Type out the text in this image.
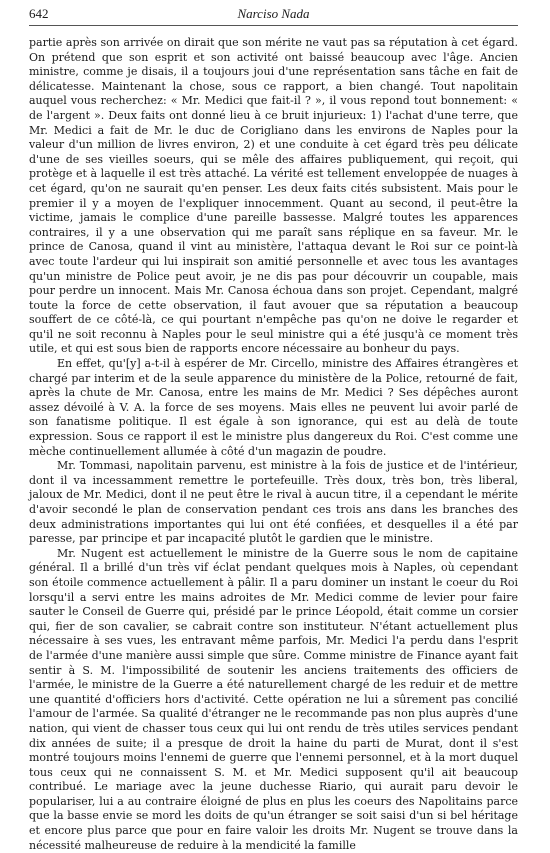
642	Narciso Nada

partie après son arrivée on dirait que son mérite ne vaut pas sa réputation à cet égard. On prétend que son esprit et son activité ont baissé beaucoup avec l'âge. Ancien ministre, comme je disais, il a toujours joui d'une représentation sans tâche en fait de délicatesse. Maintenant la chose, sous ce rapport, a bien changé. Tout napolitain auquel vous recherchez: « Mr. Medici que fait-il ? », il vous repond tout bonnement: « de l'argent ». Deux faits ont donné lieu à ce bruit injurieux: 1) l'achat d'une terre, que Mr. Medici a fait de Mr. le duc de Corigliano dans les environs de Naples pour la valeur d'un million de livres environ, 2) et une conduite à cet égard très peu délicate d'une de ses vieilles soeurs, qui se mêle des affaires publiquement, qui reçoit, qui protège et à laquelle il est très attaché. La vérité est tellement enveloppée de nuages à cet égard, qu'on ne saurait qu'en penser. Les deux faits cités subsistent. Mais pour le premier il y a moyen de l'expliquer innocemment. Quant au second, il peut-être la victime, jamais le complice d'une pareille bassesse. Malgré toutes les apparences contraires, il y a une observation qui me paraît sans réplique en sa faveur. Mr. le prince de Canosa, quand il vint au ministère, l'attaqua devant le Roi sur ce point-là avec toute l'ardeur qui lui inspirait son amitié personnelle et avec tous les avantages qu'un ministre de Police peut avoir, je ne dis pas pour découvrir un coupable, mais pour perdre un innocent. Mais Mr. Canosa échoua dans son projet. Cependant, malgré toute la force de cette observation, il faut avouer que sa réputation a beaucoup souffert de ce côté-là, ce qui pourtant n'empêche pas qu'on ne doive le regarder et qu'il ne soit reconnu à Naples pour le seul ministre qui a été jusqu'à ce moment très utile, et qui est sous bien de rapports encore nécessaire au bonheur du pays.

En effet, qu'[y] a-t-il à espérer de Mr. Circello, ministre des Affaires étrangères et chargé par interim et de la seule apparence du ministère de la Police, retourné de fait, après la chute de Mr. Canosa, entre les mains de Mr. Medici ? Ses dépêches auront assez dévoilé à V. A. la force de ses moyens. Mais elles ne peuvent lui avoir parlé de son fanatisme politique. Il est égale à son ignorance, qui est au delà de toute expression. Sous ce rapport il est le ministre plus dangereux du Roi. C'est comme une mèche continuellement allumée à côté d'un magazin de poudre.

Mr. Tommasi, napolitain parvenu, est ministre à la fois de justice et de l'intérieur, dont il va incessamment remettre le portefeuille. Très doux, très bon, très liberal, jaloux de Mr. Medici, dont il ne peut être le rival à aucun titre, il a cependant le mérite d'avoir secondé le plan de conservation pendant ces trois ans dans les branches des deux administrations importantes qui lui ont été confiées, et desquelles il a été par paresse, par principe et par incapacité plutôt le gardien que le ministre.

Mr. Nugent est actuellement le ministre de la Guerre sous le nom de capitaine général. Il a brillé d'un très vif éclat pendant quelques mois à Naples, où cependant son étoile commence actuellement à pâlir. Il a paru dominer un instant le coeur du Roi lorsqu'il a servi entre les mains adroites de Mr. Medici comme de levier pour faire sauter le Conseil de Guerre qui, présidé par le prince Léopold, était comme un corsier qui, fier de son cavalier, se cabrait contre son instituteur. N'étant actuellement plus nécessaire à ses vues, les entravant même parfois, Mr. Medici l'a perdu dans l'esprit de l'armée d'une manière aussi simple que sûre. Comme ministre de Finance ayant fait sentir à S. M. l'impossibilité de soutenir les anciens traitements des officiers de l'armée, le ministre de la Guerre a été naturellement chargé de les reduir et de mettre une quantité d'officiers hors d'activité. Cette opération ne lui a sûrement pas concilié l'amour de l'armée. Sa qualité d'étranger ne le recommande pas non plus auprès d'une nation, qui vient de chasser tous ceux qui lui ont rendu de très utiles services pendant dix années de suite; il a presque de droit la haine du parti de Murat, dont il s'est montré toujours moins l'ennemi de guerre que l'ennemi personnel, et à la mort duquel tous ceux qui ne connaissent S. M. et Mr. Medici supposent qu'il ait beaucoup contribué. Le mariage avec la jeune duchesse Riario, qui aurait paru devoir le populariser, lui a au contraire éloigné de plus en plus les coeurs des Napolitains parce que la basse envie se mord les doits de qu'un étranger se soit saisi d'un si bel héritage et encore plus parce que pour en faire valoir les droits Mr. Nugent se trouve dans la nécessité malheureuse de reduire à la mendicité la famille
